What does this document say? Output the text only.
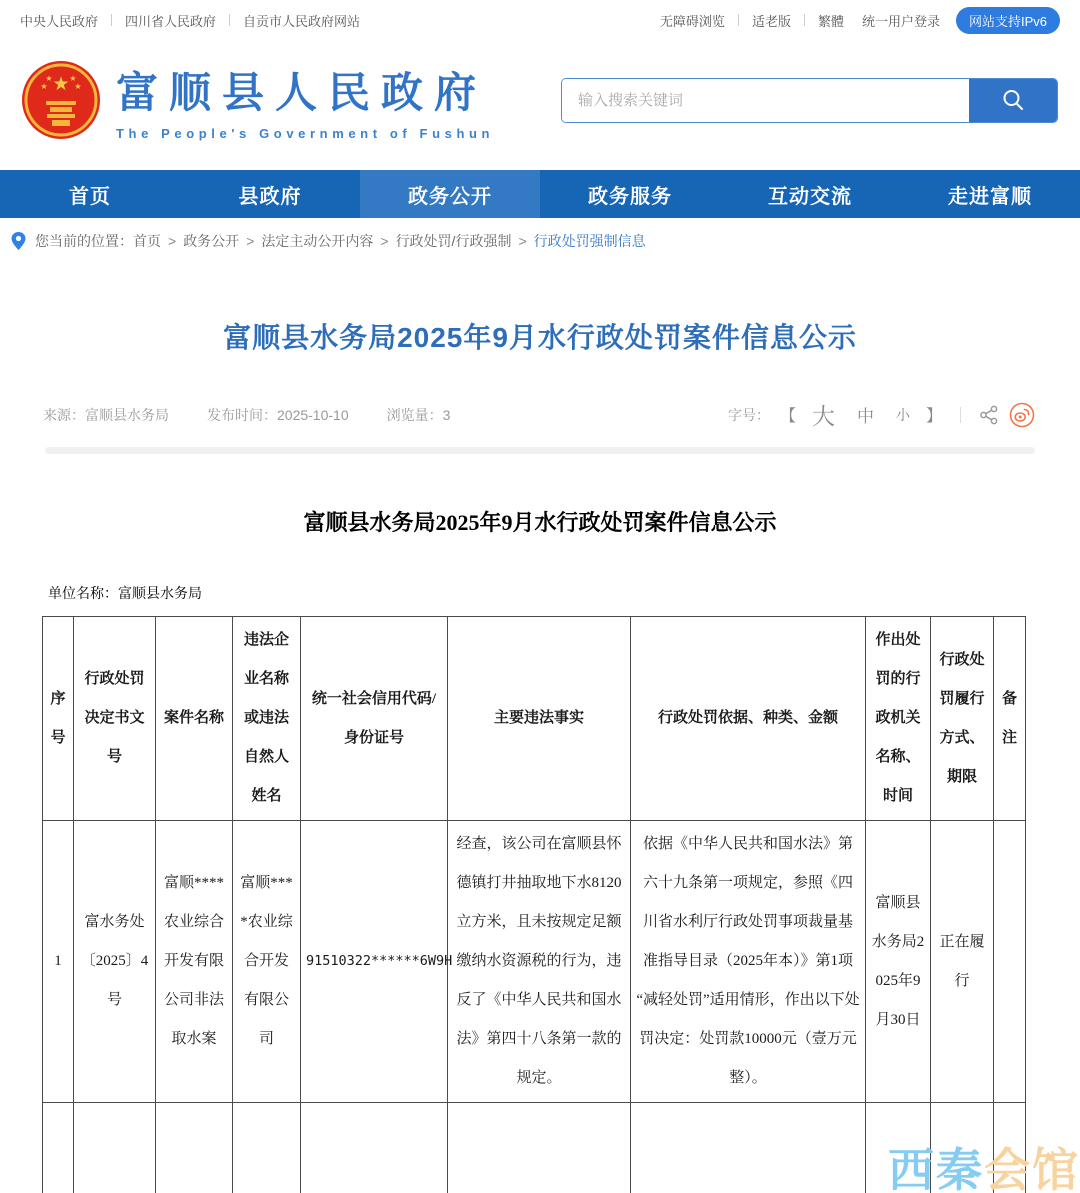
中央人民政府 四川省人民政府 自贡市人民政府网站	无障碍浏览 适老版 繁體 统一用户登录	网站支持IPv6
★
★	★
★ ★ 富顺县人民政府
The People's Government of Fushun
输入搜索关键词
首页	县政府	政务公开	政务服务	互动交流	走进富顺
您当前的位置： 首页 > 政务公开 > 法定主动公开内容 > 行政处罚/行政强制 > 行政处罚强制信息
富顺县水务局2025年9月水行政处罚案件信息公示
来源：富顺县水务局	发布时间：2025-10-10	浏览量：3	字号： 【 大 中 小 】
富顺县水务局2025年9月水行政处罚案件信息公示
单位名称：富顺县水务局
序号	行政处罚决定书文号	案件名称	违法企业名称或违法自然人姓名	统一社会信用代码/身份证号	主要违法事实	行政处罚依据、种类、金额	作出处罚的行政机关名称、时间	行政处罚履行方式、期限	备注
1	富水务处〔2025〕4号	富顺****农业综合开发有限公司非法取水案	富顺****农业综合开发有限公司	91510322******6W9H	经查，该公司在富顺县怀德镇打井抽取地下水8120立方米，且未按规定足额缴纳水资源税的行为，违反了《中华人民共和国水法》第四十八条第一款的规定。	依据《中华人民共和国水法》第六十九条第一项规定，参照《四川省水利厅行政处罚事项裁量基准指导目录（2025年本）》第1项“减轻处罚”适用情形，作出以下处罚决定：处罚款10000元（壹万元整）。	富顺县水务局2025年9月30日	正在履行	

西秦会馆
